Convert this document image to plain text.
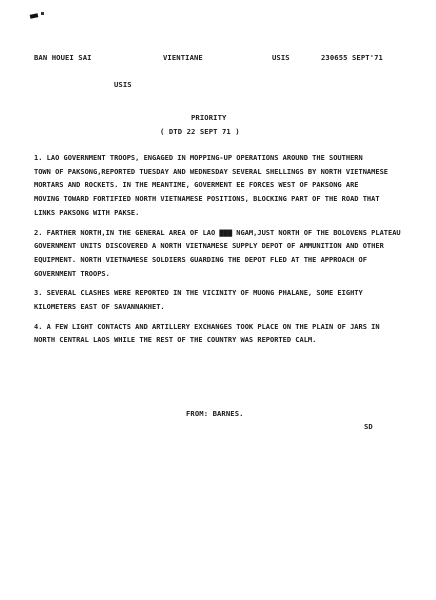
BAN HOUEI SAI	VIENTIANE	USIS	230655 SEPT'71
USIS
PRIORITY
( DTD 22 SEPT 71 )

1. LAO GOVERNMENT TROOPS, ENGAGED IN MOPPING-UP OPERATIONS AROUND THE SOUTHERN

TOWN OF PAKSONG,REPORTED TUESDAY AND WEDNESDAY SEVERAL SHELLINGS BY NORTH VIETNAMESE

MORTARS AND ROCKETS. IN THE MEANTIME, GOVERMENT EE FORCES WEST OF PAKSONG ARE

MOVING TOWARD FORTIFIED NORTH VIETNAMESE POSITIONS, BLOCKING PART OF THE ROAD THAT

LINKS PAKSONG WITH PAKSE.

2. FARTHER NORTH,IN THE GENERAL AREA OF LAO ▇▇▇ NGAM,JUST NORTH OF THE BOLOVENS PLATEAU

GOVERNMENT UNITS DISCOVERED A NORTH VIETNAMESE SUPPLY DEPOT OF AMMUNITION AND OTHER

EQUIPMENT. NORTH VIETNAMESE SOLDIERS GUARDING THE DEPOT FLED AT THE APPROACH OF

GOVERNMENT TROOPS.

3. SEVERAL CLASHES WERE REPORTED IN THE VICINITY OF MUONG PHALANE, SOME EIGHTY

KILOMETERS EAST OF SAVANNAKHET.

4. A FEW LIGHT CONTACTS AND ARTILLERY EXCHANGES TOOK PLACE ON THE PLAIN OF JARS IN

NORTH CENTRAL LAOS WHILE THE REST OF THE COUNTRY WAS REPORTED CALM.

FROM: BARNES.
SD
